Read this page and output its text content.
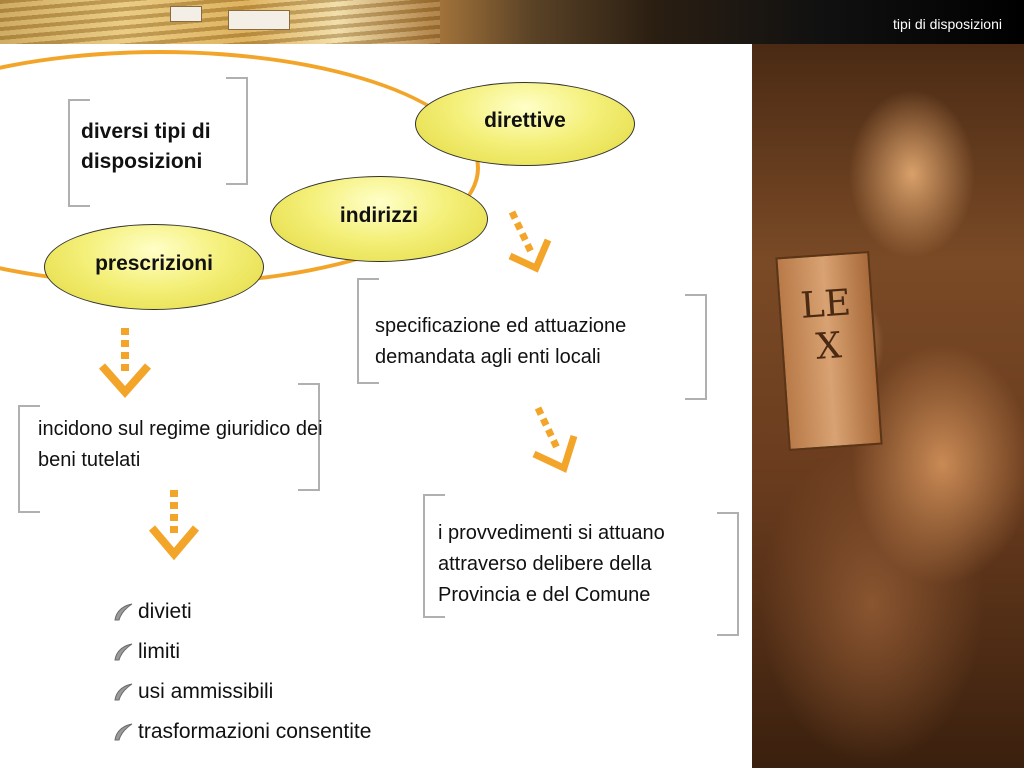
tipi di disposizioni
LEX
diversi tipi di disposizioni
direttive
indirizzi
prescrizioni
specificazione ed attuazione demandata agli enti locali
incidono sul regime giuridico dei beni tutelati
i provvedimenti si attuano attraverso delibere della Provincia e del Comune
divieti
limiti
usi ammissibili
trasformazioni consentite
